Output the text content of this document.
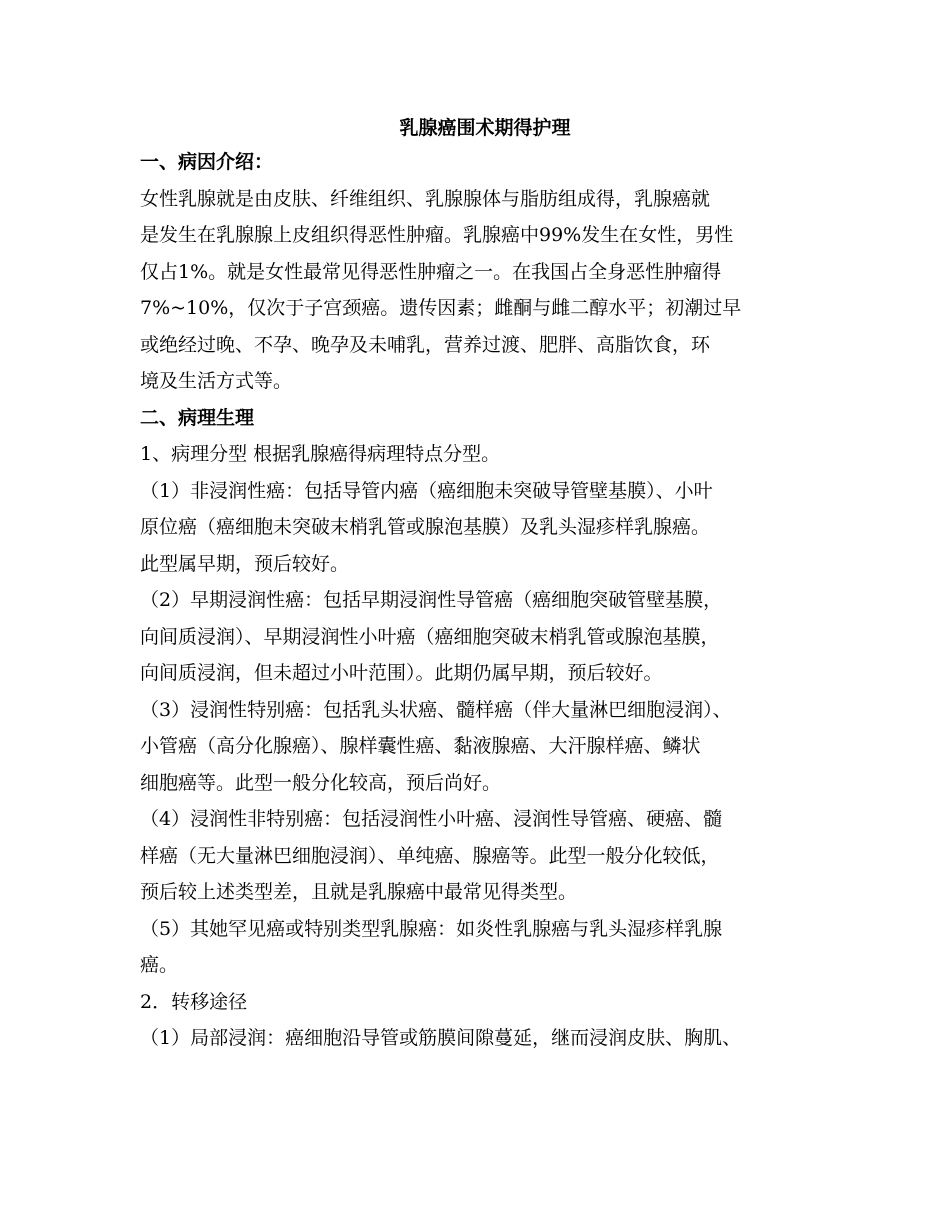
乳腺癌围术期得护理
一、病因介绍：
女性乳腺就是由皮肤、纤维组织、乳腺腺体与脂肪组成得，乳腺癌就
是发生在乳腺腺上皮组织得恶性肿瘤。乳腺癌中99%发生在女性，男性
仅占1%。就是女性最常见得恶性肿瘤之一。在我国占全身恶性肿瘤得
7%~10%，仅次于子宫颈癌。遗传因素；雌酮与雌二醇水平；初潮过早
或绝经过晚、不孕、晚孕及未哺乳，营养过渡、肥胖、高脂饮食，环
境及生活方式等。
二、病理生理
1、病理分型 根据乳腺癌得病理特点分型。
（1）非浸润性癌：包括导管内癌（癌细胞未突破导管壁基膜）、小叶
原位癌（癌细胞未突破末梢乳管或腺泡基膜）及乳头湿疹样乳腺癌。
此型属早期，预后较好。
（2）早期浸润性癌：包括早期浸润性导管癌（癌细胞突破管壁基膜，
向间质浸润）、早期浸润性小叶癌（癌细胞突破末梢乳管或腺泡基膜，
向间质浸润，但未超过小叶范围）。此期仍属早期，预后较好。
（3）浸润性特别癌：包括乳头状癌、髓样癌（伴大量淋巴细胞浸润）、
小管癌（高分化腺癌）、腺样囊性癌、黏液腺癌、大汗腺样癌、鳞状
细胞癌等。此型一般分化较高，预后尚好。
（4）浸润性非特别癌：包括浸润性小叶癌、浸润性导管癌、硬癌、髓
样癌（无大量淋巴细胞浸润）、单纯癌、腺癌等。此型一般分化较低，
预后较上述类型差，且就是乳腺癌中最常见得类型。
（5）其她罕见癌或特别类型乳腺癌：如炎性乳腺癌与乳头湿疹样乳腺
癌。
2．转移途径
（1）局部浸润：癌细胞沿导管或筋膜间隙蔓延，继而浸润皮肤、胸肌、
